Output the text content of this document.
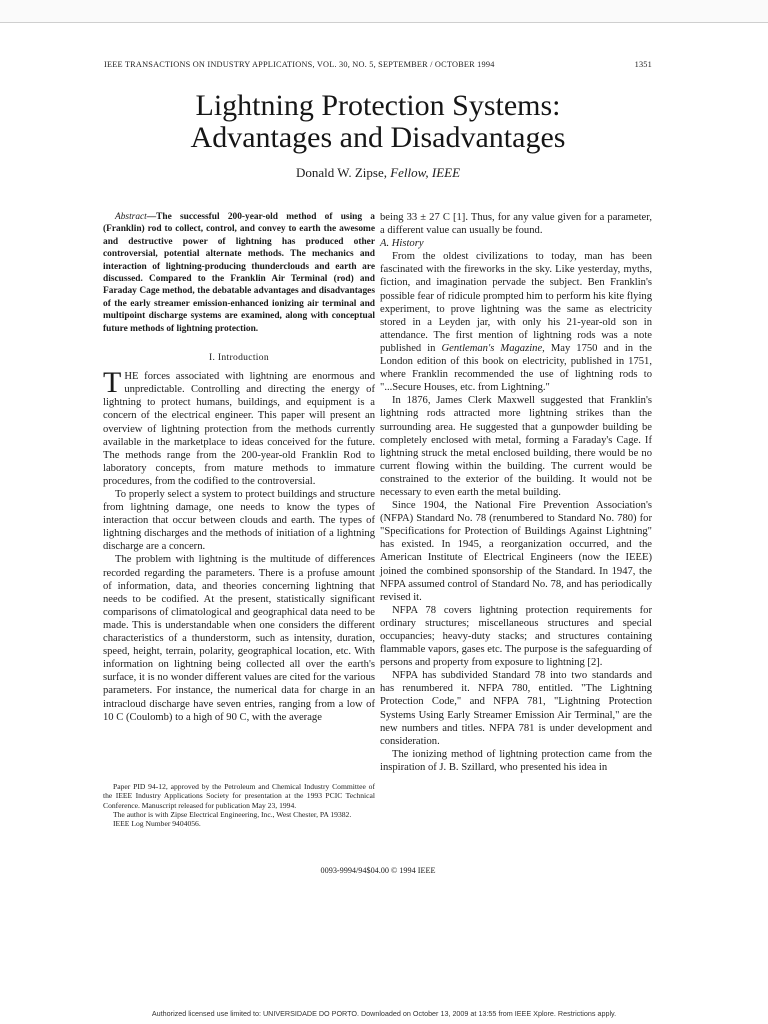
IEEE TRANSACTIONS ON INDUSTRY APPLICATIONS, VOL. 30, NO. 5, SEPTEMBER / OCTOBER 1994	1351
Lightning Protection Systems:
Advantages and Disadvantages
Donald W. Zipse, Fellow, IEEE

Abstract—The successful 200-year-old method of using a (Franklin) rod to collect, control, and convey to earth the awesome and destructive power of lightning has produced other controversial, potential alternate methods. The mechanics and interaction of lightning-producing thunderclouds and earth are discussed. Compared to the Franklin Air Terminal (rod) and Faraday Cage method, the debatable advantages and disadvantages of the early streamer emission-enhanced ionizing air terminal and multipoint discharge systems are examined, along with conceptual future methods of lightning protection.

I. Introduction

THE forces associated with lightning are enormous and unpredictable. Controlling and directing the energy of lightning to protect humans, buildings, and equipment is a concern of the electrical engineer. This paper will present an overview of lightning protection from the methods currently available in the marketplace to ideas conceived for the future. The methods range from the 200-year-old Franklin Rod to laboratory concepts, from mature methods to immature procedures, from the codified to the controversial.

To properly select a system to protect buildings and structure from lightning damage, one needs to know the types of interaction that occur between clouds and earth. The types of lightning discharges and the methods of initiation of a lightning discharge are a concern.

The problem with lightning is the multitude of differences recorded regarding the parameters. There is a profuse amount of information, data, and theories concerning lightning that needs to be codified. At the present, statistically significant comparisons of climatological and geographical data need to be made. This is understandable when one considers the different characteristics of a thunderstorm, such as intensity, duration, speed, height, terrain, polarity, geographical location, etc. With information on lightning being collected all over the earth's surface, it is no wonder different values are cited for the various parameters. For instance, the numerical data for charge in an intracloud discharge have seven entries, ranging from a low of 10 C (Coulomb) to a high of 90 C, with the average

being 33 ± 27 C [1]. Thus, for any value given for a parameter, a different value can usually be found.

A. History

From the oldest civilizations to today, man has been fascinated with the fireworks in the sky. Like yesterday, myths, fiction, and imagination pervade the subject. Ben Franklin's possible fear of ridicule prompted him to perform his kite flying experiment, to prove lightning was the same as electricity stored in a Leyden jar, with only his 21-year-old son in attendance. The first mention of lightning rods was a note published in Gentleman's Magazine, May 1750 and in the London edition of this book on electricity, published in 1751, where Franklin recommended the use of lightning rods to "...Secure Houses, etc. from Lightning."

In 1876, James Clerk Maxwell suggested that Franklin's lightning rods attracted more lightning strikes than the surrounding area. He suggested that a gunpowder building be completely enclosed with metal, forming a Faraday's Cage. If lightning struck the metal enclosed building, there would be no current flowing within the building. The current would be constrained to the exterior of the building. It would not be necessary to even earth the metal building.

Since 1904, the National Fire Prevention Association's (NFPA) Standard No. 78 (renumbered to Standard No. 780) for "Specifications for Protection of Buildings Against Lightning" has existed. In 1945, a reorganization occurred, and the American Institute of Electrical Engineers (now the IEEE) joined the combined sponsorship of the Standard. In 1947, the NFPA assumed control of Standard No. 78, and has periodically revised it.

NFPA 78 covers lightning protection requirements for ordinary structures; miscellaneous structures and special occupancies; heavy-duty stacks; and structures containing flammable vapors, gases etc. The purpose is the safeguarding of persons and property from exposure to lightning [2].

NFPA has subdivided Standard 78 into two standards and has renumbered it. NFPA 780, entitled. "The Lightning Protection Code," and NFPA 781, "Lightning Protection Systems Using Early Streamer Emission Air Terminal," are the new numbers and titles. NFPA 781 is under development and consideration.

The ionizing method of lightning protection came from the inspiration of J. B. Szillard, who presented his idea in

Paper PID 94-12, approved by the Petroleum and Chemical Industry Committee of the IEEE Industry Applications Society for presentation at the 1993 PCIC Technical Conference. Manuscript released for publication May 23, 1994.

The author is with Zipse Electrical Engineering, Inc., West Chester, PA 19382.

IEEE Log Number 9404056.

0093-9994/94$04.00 © 1994 IEEE
Authorized licensed use limited to: UNIVERSIDADE DO PORTO. Downloaded on October 13, 2009 at 13:55 from IEEE Xplore. Restrictions apply.
